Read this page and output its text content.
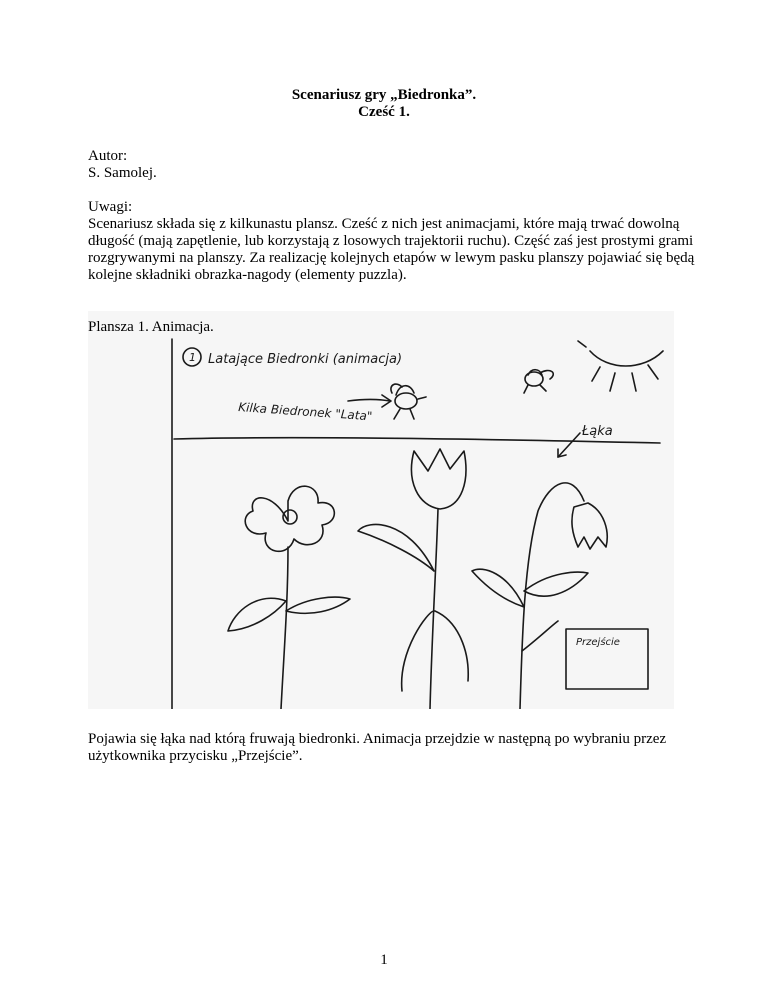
Scenariusz gry „Biedronka”.
Cześć 1.

Autor:

S. Samolej.

Uwagi:

Scenariusz składa się z kilkunastu plansz. Cześć z nich jest animacjami, które mają trwać dowolną długość (mają zapętlenie, lub korzystają z losowych trajektorii ruchu). Część zaś jest prostymi grami rozgrywanymi na planszy. Za realizację kolejnych etapów w lewym pasku planszy pojawiać się będą kolejne składniki obrazka-nagody (elementy puzzla).

1 Latające Biedronki (animacja)
Kilka Biedronek "Lata"
Łąka
Przejście

Plansza 1. Animacja.

Pojawia się łąka nad którą fruwają biedronki. Animacja przejdzie w następną po wybraniu przez użytkownika przycisku „Przejście”.

1
